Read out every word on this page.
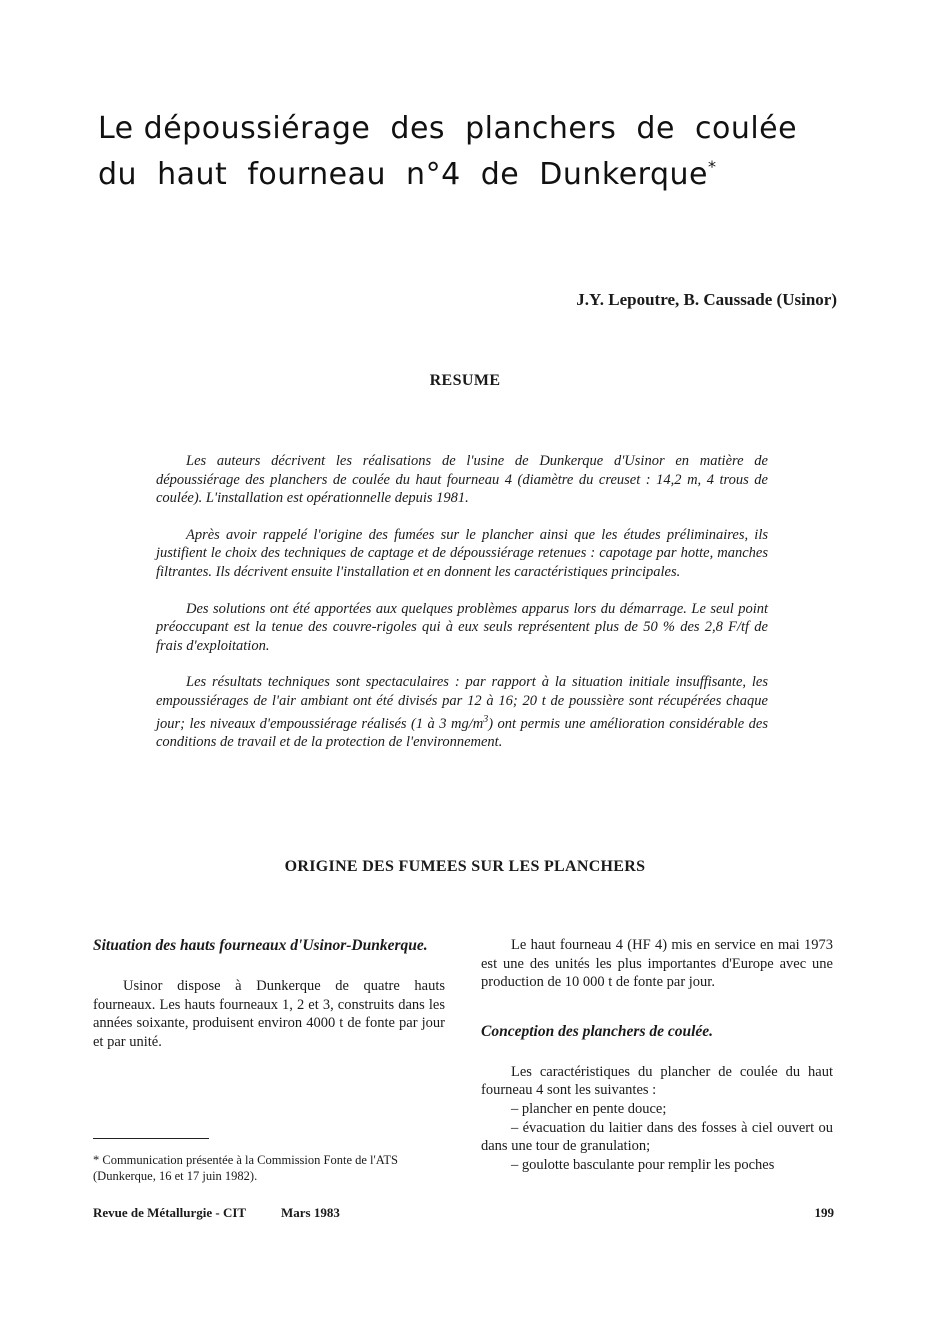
Le dépoussiérage  des  planchers  de  coulée
du  haut  fourneau  n°4  de  Dunkerque*
J.Y. Lepoutre, B. Caussade (Usinor)
RESUME

Les auteurs décrivent les réalisations de l'usine de Dunkerque d'Usinor en matière de dépoussiérage des planchers de coulée du haut fourneau 4 (diamètre du creuset : 14,2 m, 4 trous de coulée). L'installation est opérationnelle depuis 1981.

Après avoir rappelé l'origine des fumées sur le plancher ainsi que les études préliminaires, ils justifient le choix des techniques de captage et de dépoussiérage retenues : capotage par hotte, manches filtrantes. Ils décrivent ensuite l'installation et en donnent les caractéristiques principales.

Des solutions ont été apportées aux quelques problèmes apparus lors du démarrage. Le seul point préoccupant est la tenue des couvre-rigoles qui à eux seuls représentent plus de 50 % des 2,8 F/tf de frais d'exploitation.

Les résultats techniques sont spectaculaires : par rapport à la situation initiale insuffisante, les empoussiérages de l'air ambiant ont été divisés par 12 à 16; 20 t de poussière sont récupérées chaque jour; les niveaux d'empoussiérage réalisés (1 à 3 $mg/m^3$) ont permis une amélioration considérable des conditions de travail et de la protection de l'environnement.

ORIGINE DES FUMEES SUR LES PLANCHERS
Situation des hauts fourneaux d'Usinor-Dunkerque.

Usinor dispose à Dunkerque de quatre hauts fourneaux. Les hauts fourneaux 1, 2 et 3, construits dans les années soixante, produisent environ 4000 t de fonte par jour et par unité.

Le haut fourneau 4 (HF 4) mis en service en mai 1973 est une des unités les plus importantes d'Europe avec une production de 10 000 t de fonte par jour.

Conception des planchers de coulée.

Les caractéristiques du plancher de coulée du haut fourneau 4 sont les suivantes :

– plancher en pente douce;
– évacuation du laitier dans des fosses à ciel ouvert ou dans une tour de granulation;
– goulotte basculante pour remplir les poches
* Communication présentée à la Commission Fonte de l'ATS (Dunkerque, 16 et 17 juin 1982).
Revue de Métallurgie - CIT	Mars 1983	199
